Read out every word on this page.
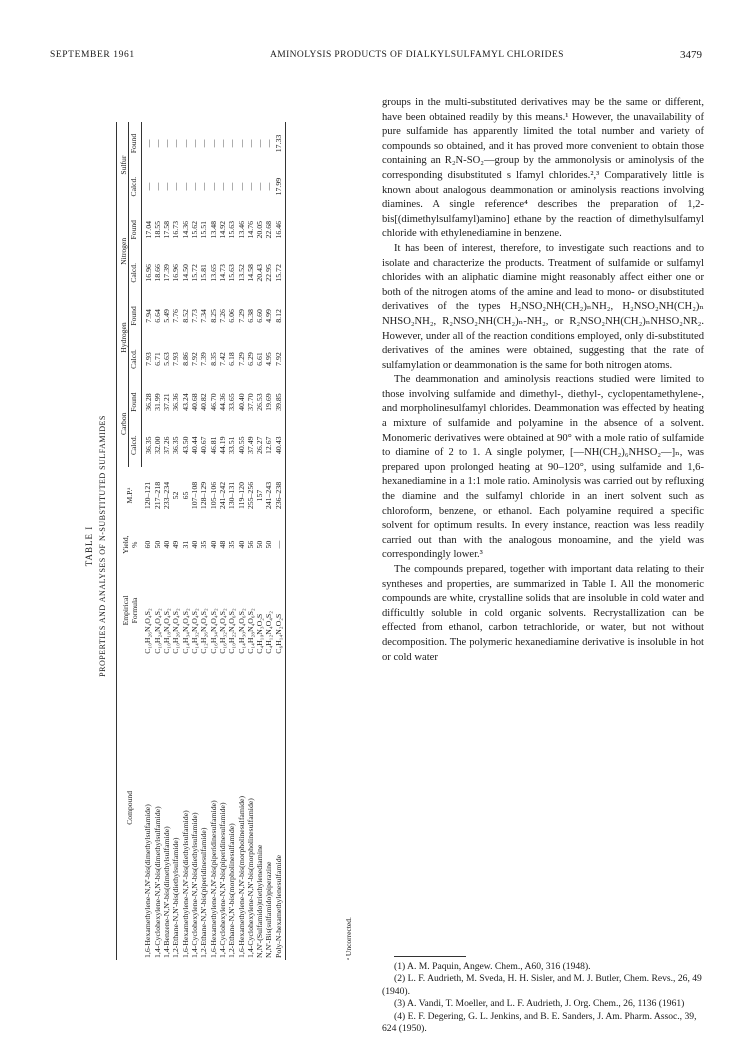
SEPTEMBER 1961	AMINOLYSIS PRODUCTS OF DIALKYLSULFAMYL CHLORIDES	3479
TABLE I PROPERTIES AND ANALYSES OF N-SUBSTITUTED SULFAMIDES
Compound	Empirical
Formula	Yield,
%	M.P.ᵃ	Carbon		Hydrogen		Nitrogen		Sulfur	
				Calcd.	Found	Calcd.	Found	Calcd.	Found	Calcd.	Found
1,6-Hexamethylene-N,N'-bis(dimethylsulfamide)	C₁₀H₂₆N₄O₄S₂	60	120–121	36.35	36.28	7.93	7.94	16.96	17.04	—	—
1,4-Cyclohexylene-N,N'-bis(dimethylsulfamide)	C₁₀H₂₄N₄O₄S₂	50	217–218	32.00	31.99	6.71	6.64	18.66	18.55	—	—
1,4-Benzene-N,N'-bis(dimethylsulfamide)	C₁₀H₁₈N₄O₄S₂	40	233–234	37.26	37.21	5.63	5.49	17.39	17.58	—	—
1,2-Ethane-N,N'-bis(diethylsulfamide)	C₁₀H₂₆N₄O₄S₂	49	52	36.35	36.36	7.93	7.76	16.96	16.73	—	—
1,6-Hexamethylene-N,N'-bis(diethylsulfamide)	C₁₄H₃₄N₄O₄S₂	31	65	43.50	43.24	8.86	8.52	14.50	14.36	—	—
1,4-Cyclohexylene-N,N'-bis(diethylsulfamide)	C₁₄H₃₂N₄O₄S₂	40	107–108	40.44	40.68	7.92	7.73	15.72	15.62	—	—
1,2-Ethane-N,N'-bis(piperidinesulfamide)	C₁₂H₂₆N₄O₄S₂	35	128–129	40.67	40.82	7.39	7.34	15.81	15.51	—	—
1,6-Hexamethylene-N,N'-bis(piperidinesulfamide)	C₁₆H₃₄N₄O₄S₂	40	105–106	46.81	46.70	8.35	8.25	13.65	13.48	—	—
1,4-Cyclohexylene-N,N'-bis(piperidinesulfamide)	C₁₆H₃₂N₄O₄S₂	48	241–242	44.19	44.36	7.42	7.26	14.73	14.92	—	—
1,2-Ethane-N,N'-bis(morpholinesulfamide)	C₁₀H₂₂N₄O₆S₂	35	130–131	33.51	33.65	6.18	6.06	15.63	15.63	—	—
1,6-Hexamethylene-N,N'-bis(morpholinesulfamide)	C₁₄H₃₀N₄O₆S₂	40	119–120	40.55	40.40	7.29	7.29	13.52	13.46	—	—
1,4-Cyclohexylene-N,N'-bis(morpholinesulfamide)	C₁₄H₂₈N₄O₆S₂	56	255–256	37.49	37.70	6.29	6.38	14.58	14.76	—	—
N,N'-(Sulfamido)triethylenediamine	C₄H₁₀N₃O₂S	50	157	26.27	26.53	6.61	6.60	20.43	20.05	—	—
N,N'-Bis(sulfamido)piperazine	C₄H₁₂N₄O₄S₂	50	241–243	12.67	19.69	4.95	4.99	22.95	22.68	—	—
Poly-N-hexamethylenesulfamide	C₆H₁₄N₂O₂S	—	236–238	40.43	39.85	7.92	8.12	15.72	16.46	17.99	17.33
ᵃ Uncorrected.

groups in the multi-substituted derivatives may be the same or different, have been obtained readily by this means.¹ However, the unavailability of pure sulfamide has apparently limited the total number and variety of compounds so obtained, and it has proved more convenient to obtain those containing an R₂N-SO₂—group by the ammonolysis or aminolysis of the corresponding disubstituted s lfamyl chlorides.²,³ Comparatively little is known about analogous deammonation or aminolysis reactions involving diamines. A single reference⁴ describes the preparation of 1,2-bis[(dimethylsulfamyl)amino] ethane by the reaction of dimethylsulfamyl chloride with ethylenediamine in benzene.

It has been of interest, therefore, to investigate such reactions and to isolate and characterize the products. Treatment of sulfamide or sulfamyl chlorides with an aliphatic diamine might reasonably affect either one or both of the nitrogen atoms of the amine and lead to mono- or disubstituted derivatives of the types H₂NSO₂NH(CH₂)ₙNH₂, H₂NSO₂NH(CH₂)ₙ NHSO₂NH₂, R₂NSO₂NH(CH₂)ₙ-NH₂, or R₂NSO₂NH(CH₂)ₙNHSO₂NR₂. However, under all of the reaction conditions employed, only di-substituted derivatives of the amines were obtained, suggesting that the rate of sulfamylation or deammonation is the same for both nitrogen atoms.

The deammonation and aminolysis reactions studied were limited to those involving sulfamide and dimethyl-, diethyl-, cyclopentamethylene-, and morpholinesulfamyl chlorides. Deammonation was effected by heating a mixture of sulfamide and polyamine in the absence of a solvent. Monomeric derivatives were obtained at 90° with a mole ratio of sulfamide to diamine of 2 to 1. A single polymer, [—NH(CH₂)₆NHSO₂—]ₙ, was prepared upon prolonged heating at 90–120°, using sulfamide and 1,6-hexanediamine in a 1:1 mole ratio. Aminolysis was carried out by refluxing the diamine and the sulfamyl chloride in an inert solvent such as chloroform, benzene, or ethanol. Each polyamine required a specific solvent for optimum results. In every instance, reaction was less readily carried out than with the analogous monoamine, and the yield was correspondingly lower.³

The compounds prepared, together with important data relating to their syntheses and properties, are summarized in Table I. All the monomeric compounds are white, crystalline solids that are insoluble in cold water and difficultly soluble in cold organic solvents. Recrystallization can be effected from ethanol, carbon tetrachloride, or water, but not without decomposition. The polymeric hexanediamine derivative is insoluble in hot or cold water

(1) A. M. Paquin, Angew. Chem., A60, 316 (1948).
(2) L. F. Audrieth, M. Sveda, H. H. Sisler, and M. J. Butler, Chem. Revs., 26, 49 (1940).
(3) A. Vandi, T. Moeller, and L. F. Audrieth, J. Org. Chem., 26, 1136 (1961)
(4) E. F. Degering, G. L. Jenkins, and B. E. Sanders, J. Am. Pharm. Assoc., 39, 624 (1950).
